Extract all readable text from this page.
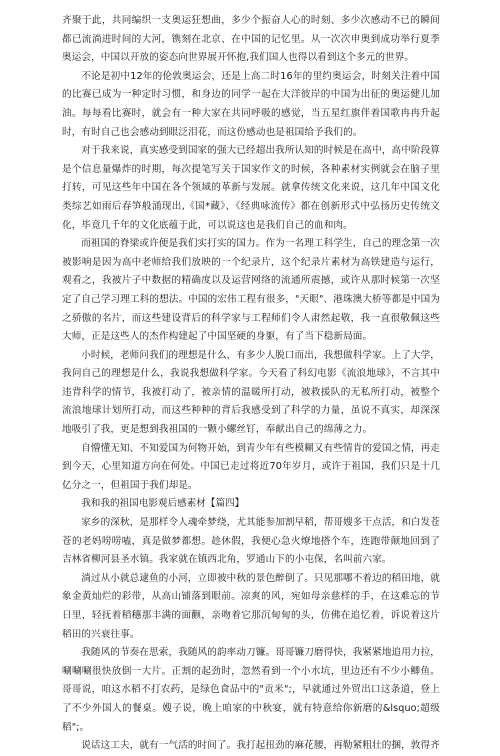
齐聚于此，共同编织一支奥运狂想曲，多少个振奋人心的时刻、多少次感动不已的瞬间都已流淌进时间的大河，镌刻在北京、在中国的记忆里。从一次次申奥到成功举行夏季奥运会，中国以开放的姿态向世界展开怀抱,我们国人也得以看到这个多元的世界。

不论是初中12年的伦敦奥运会，还是上高二时16年的里约奥运会，时刻关注着中国的比赛已成为一种定时习惯，和身边的同学一起在大洋彼岸的中国为出征的奥运健儿加油。每每看比赛时，就会有一种大家在共同呼吸的感觉，当五星红旗伴着国歌冉冉升起时，有时自己也会感动到眼泛泪花，而这份感动也是祖国给予我们的。

对于我来说，真实感受到国家的强大已经超出我所认知的时候是在高中，高中阶段算是个信息量爆炸的时期，每次提笔写关于国家作文的时候，各种素材实例就会在脑子里打转，可见这些年中国在各个领域的革新与发展。就拿传统文化来说，这几年中国文化类综艺如雨后春笋般涌现出,《国*藏》、《经典咏流传》都在创新形式中弘扬历史传统文化，毕竟几千年的文化底蕴于此，可以说这也是我们自己的血和肉。

而祖国的脊梁或许便是我们实打实的国力。作为一名理工科学生，自己的理念第一次被影响是因为高中老师给我们放映的一个纪录片，这个纪录片素材为高铁建造与运行，观看之，我被片子中数据的精确度以及运营网络的流通所震撼，或许从那时候第一次坚定了自己学习理工科的想法。中国的宏伟工程有很多，"天眼"、港珠澳大桥等都是中国为之骄傲的名片，而这些建设背后的科学家与工程师们令人肃然起敬，我一直很敬佩这些大师，正是这些人的杰作构建起了中国坚硬的身躯，有了当下稳新局面。

小时候，老师问我们的理想是什么，有多少人脱口而出，我想做科学家。上了大学，我问自己的理想是什么，我说我想做科学家。今天看了科幻电影《流浪地球》，不言其中违背科学的情节，我被打动了，被亲情的温暖所打动，被救援队的无私所打动，被整个流浪地球计划所打动，而这些种种的背后我感受到了科学的力量，虽说不真实，却深深地吸引了我，更是想到我祖国的一颗小螺丝钉，奉献出自己的绵薄之力。

自懵懂无知、不知爱国为何物开始，到青少年有些模糊又有些情肯的爱国之情，再走到今天，心里知道方向在何处。中国已走过将近70年岁月，或许于祖国，我们只是十几亿分之一，但祖国于我们却是。

我和我的祖国电影观后感素材【篇四】

家乡的深秋，是那样令人魂牵梦绕，尤其能参加割早稻，帮哥嫂多干点活，和白发苍苍的老妈唠唠嗑，真是做梦都想。趁休假，我便心急火燎地搭个车，连跑带颠地回到了吉林省柳河县圣水镇。我家就在镇西北角，罗通山下的小屯保，名叫前六家。

淌过从小就总逮鱼的小河，立即被中秋的景色醉倒了。只见那哪不着边的稻田地，就象金黄灿烂的彩带，从高山铺落到眼前。凉爽的风，宛如母亲慈样的手，在这难忘的节日里，轻抚着稻穗那丰满的面颧，亲吻着它那沉甸甸的头，仿佛在追忆着，诉说着这片稻田的兴衰往事。

我随风的节奏在思索，我随风的韵率动刀镰。哥哥镰刀磨得快，我紧紧地追用力拉，唰唰唰很快放倒一大片。正割的起劲时，忽然看到一个小水坑，里边还有不少小鲫鱼。哥哥说，咱这水稻不打农药，是绿色食品中的"贡米";，早就通过外贸出口这条道，登上了不少外国人的餐桌。嫂子说，晚上咱家的中秋宴，就有特意给你新磨的&lsquo;超级稻";。

说话这工夫，就有一气活的时间了。我打起扭劲的麻花腰，再勒紧粗壮的捆，敦得齐
